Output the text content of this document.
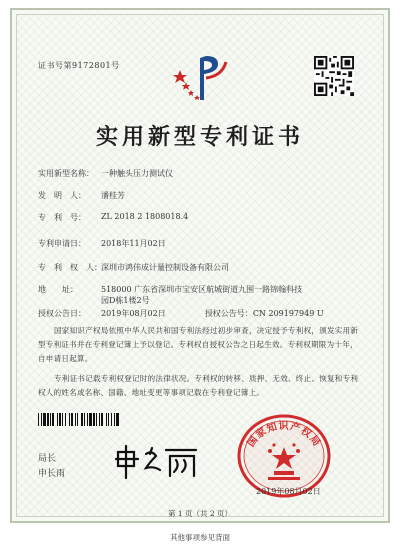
证书号第9172801号
实用新型专利证书
实用新型名称： 一种触头压力测试仪
发　明　人： 潘桂芳
专　利　号： ZL 2018 2 1808018.4
专利申请日： 2018年11月02日
专　利　权　人：深圳市鸿伟成计量控制设备有限公司
地　　址：	518000 广东省深圳市宝安区航城街道九围一路锦翰科技
园D栋1楼2号
授权公告日： 2019年08月02日	授权公告号：CN 209197949 U
国家知识产权局依照中华人民共和国专利法经过初步审查，决定授予专利权，颁发实用新型专利证书并在专利登记簿上予以登记。专利权自授权公告之日起生效。专利权期限为十年，自申请日起算。
专利证书记载专利权登记时的法律状况。专利权的转移、质押、无效、终止、恢复和专利权人的姓名或名称、国籍、地址变更等事项记载在专利登记簿上。
局长
申长雨
国家知识产权局
2019年08月02日
第 1 页（共 2 页）
其他事项参见背面
